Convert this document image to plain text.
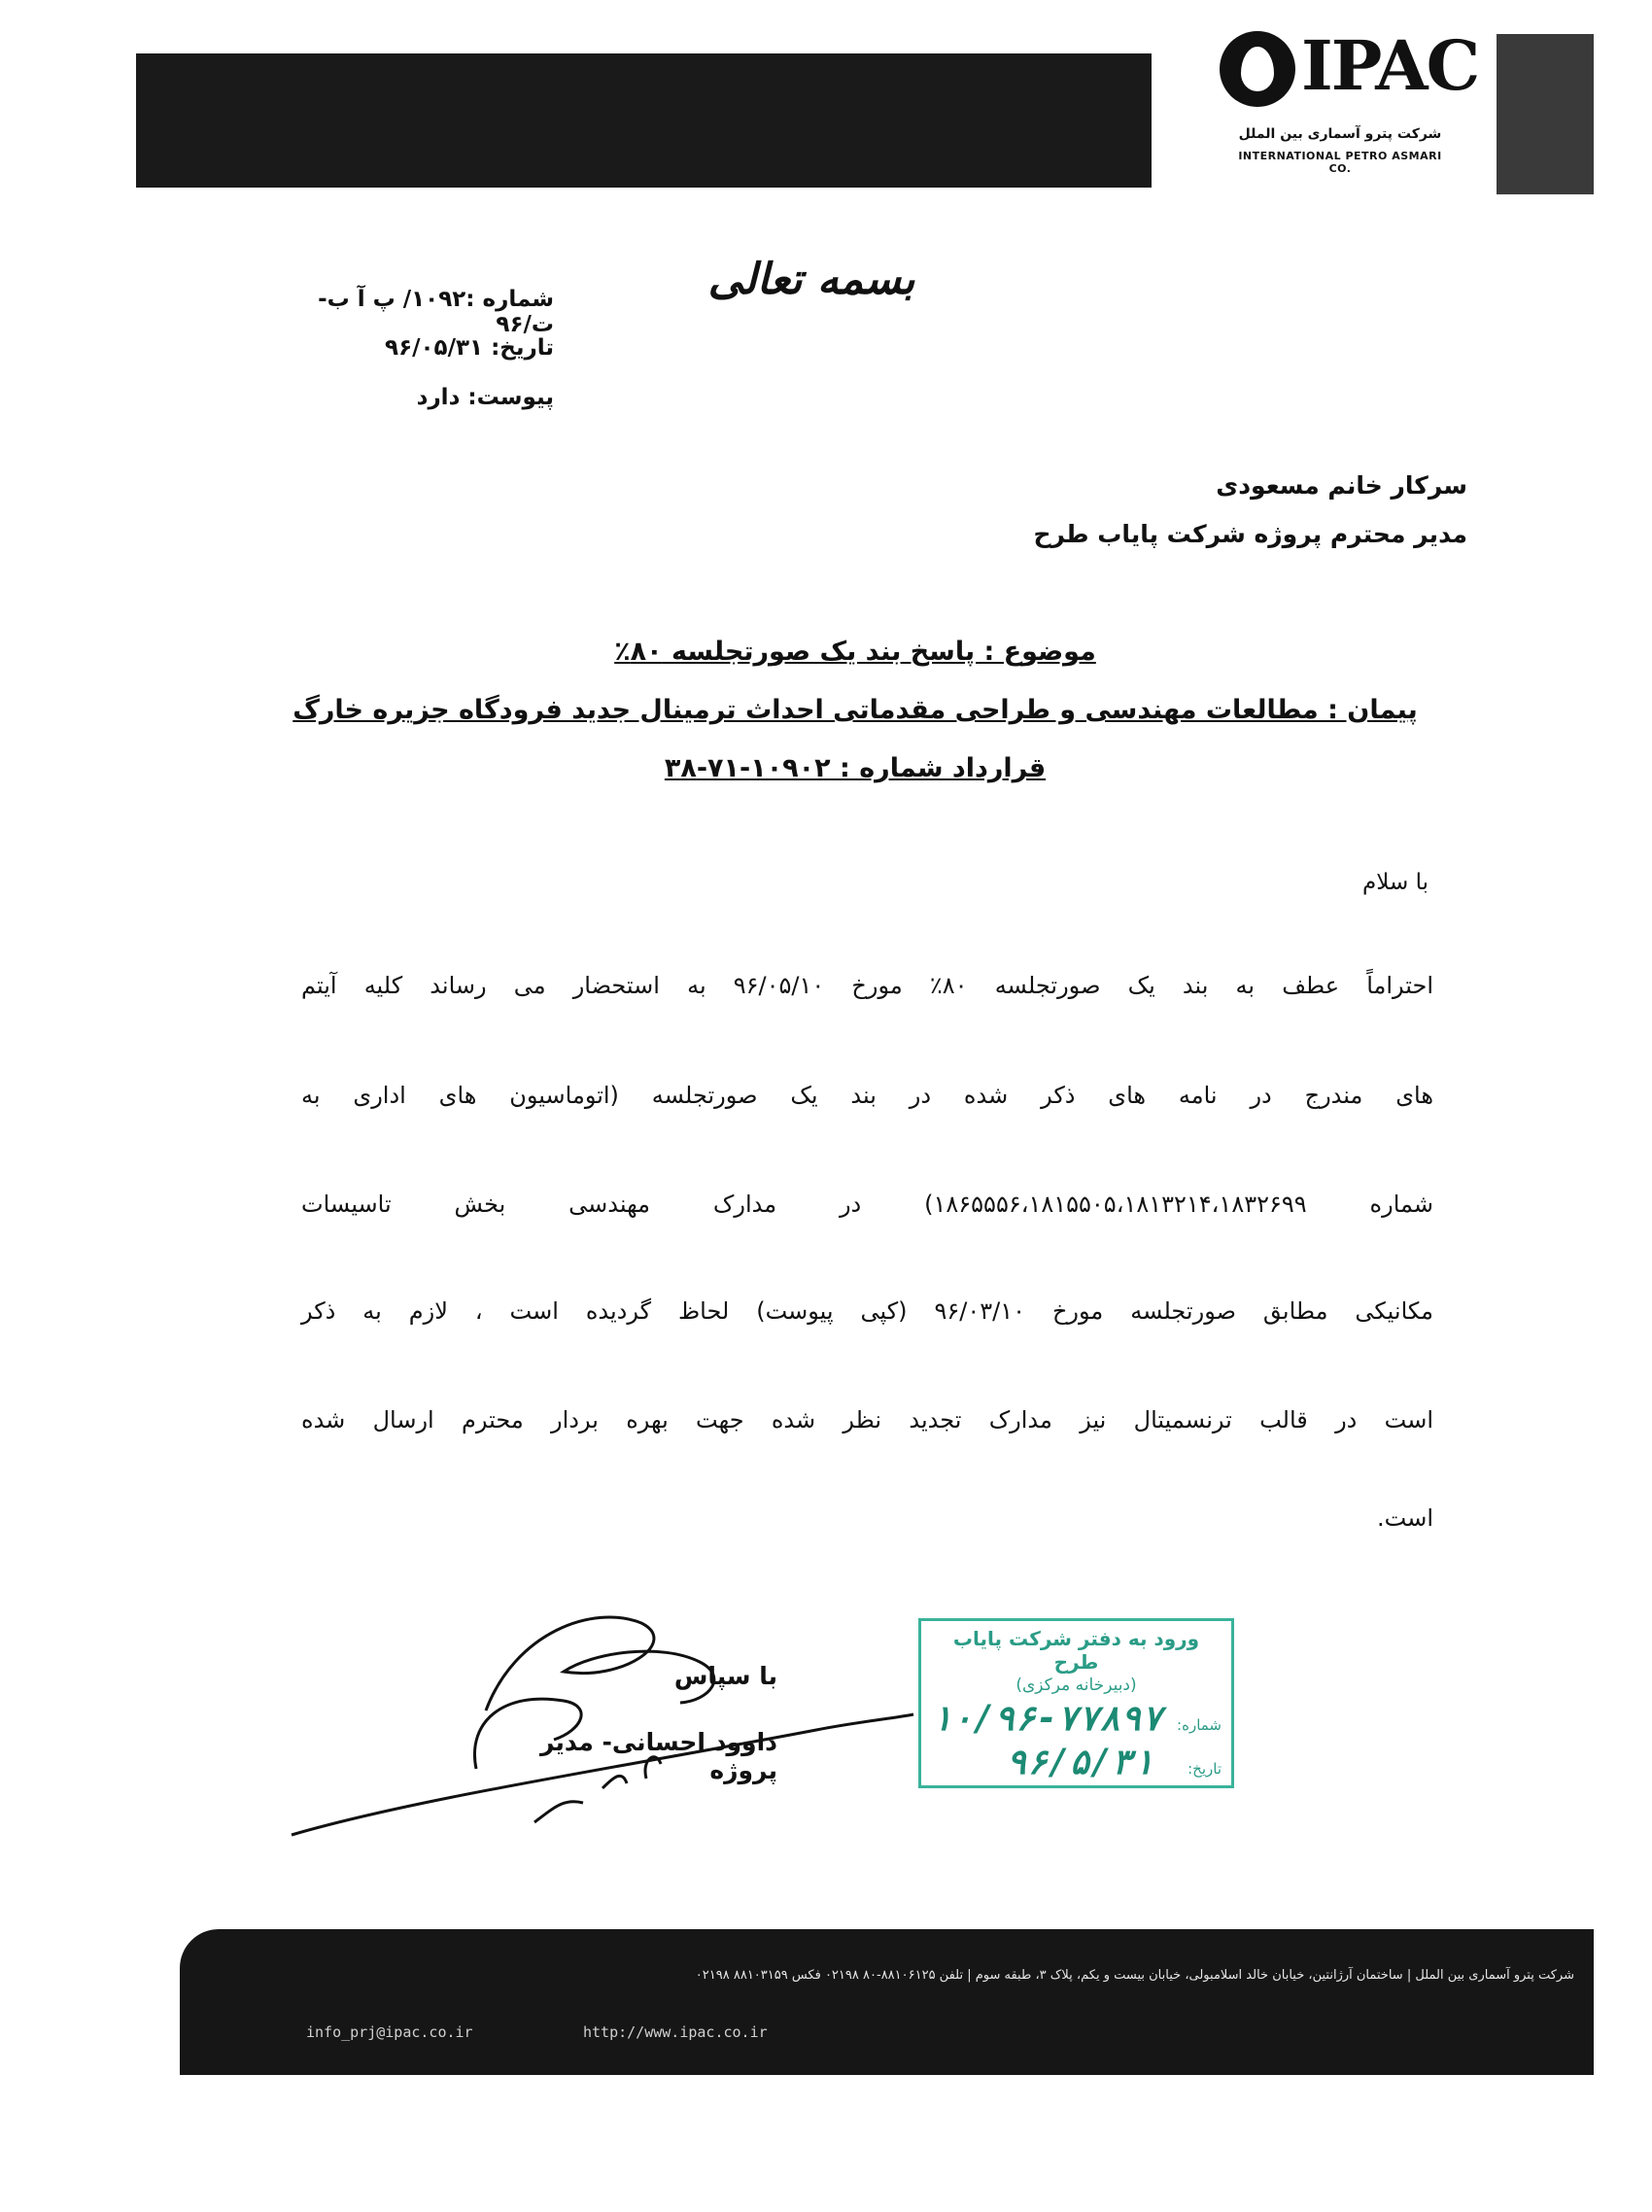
IPAC
شرکت پترو آسماری بین الملل
INTERNATIONAL PETRO ASMARI CO.
بسمه تعالی
شماره :۱۰۹۲/ پ آ ب- ت/۹۶
تاریخ: ۹۶/۰۵/۳۱
پیوست: دارد
سرکار خانم مسعودی
مدیر محترم پروژه شرکت پایاب طرح
موضوع : پاسخ بند یک صورتجلسه ۸۰٪
پیمان : مطالعات مهندسی و طراحی مقدماتی احداث ترمینال جدید فرودگاه جزیره خارگ
قرارداد شماره : ۱۰۹۰۲-۷۱-۳۸
با سلام
احتراماً عطف به بند یک صورتجلسه ۸۰٪ مورخ ۹۶/۰۵/۱۰ به استحضار می رساند کلیه آیتم
های مندرج در نامه های ذکر شده در بند یک صورتجلسه (اتوماسیون های اداری به
شماره ۱۸۶۵۵۵۶،۱۸۱۵۵۰۵،۱۸۱۳۲۱۴،۱۸۳۲۶۹۹) در مدارک مهندسی بخش تاسیسات
مکانیکی مطابق صورتجلسه مورخ ۹۶/۰۳/۱۰ (کپی پیوست) لحاظ گردیده است ، لازم به ذکر
است در قالب ترنسمیتال نیز مدارک تجدید نظر شده جهت بهره بردار محترم ارسال شده
است.
با سپاس
داوود احسانی- مدیر پروژه
ورود به دفتر شرکت پایاب طرح
(دبیرخانه مرکزی)
شماره:
۱۰/۹۶-۷۷۸۹۷
تاریخ:
۹۶/۵/۳۱
شرکت پترو آسماری بین الملل | ساختمان آرژانتین، خیابان خالد اسلامبولی، خیابان بیست و یکم، پلاک ۳، طبقه سوم | تلفن ۸۸۱۰۶۱۲۵-۸۰ ۰۲۱۹۸ فکس ۸۸۱۰۳۱۵۹ ۰۲۱۹۸
info_prj@ipac.co.ir	http://www.ipac.co.ir
